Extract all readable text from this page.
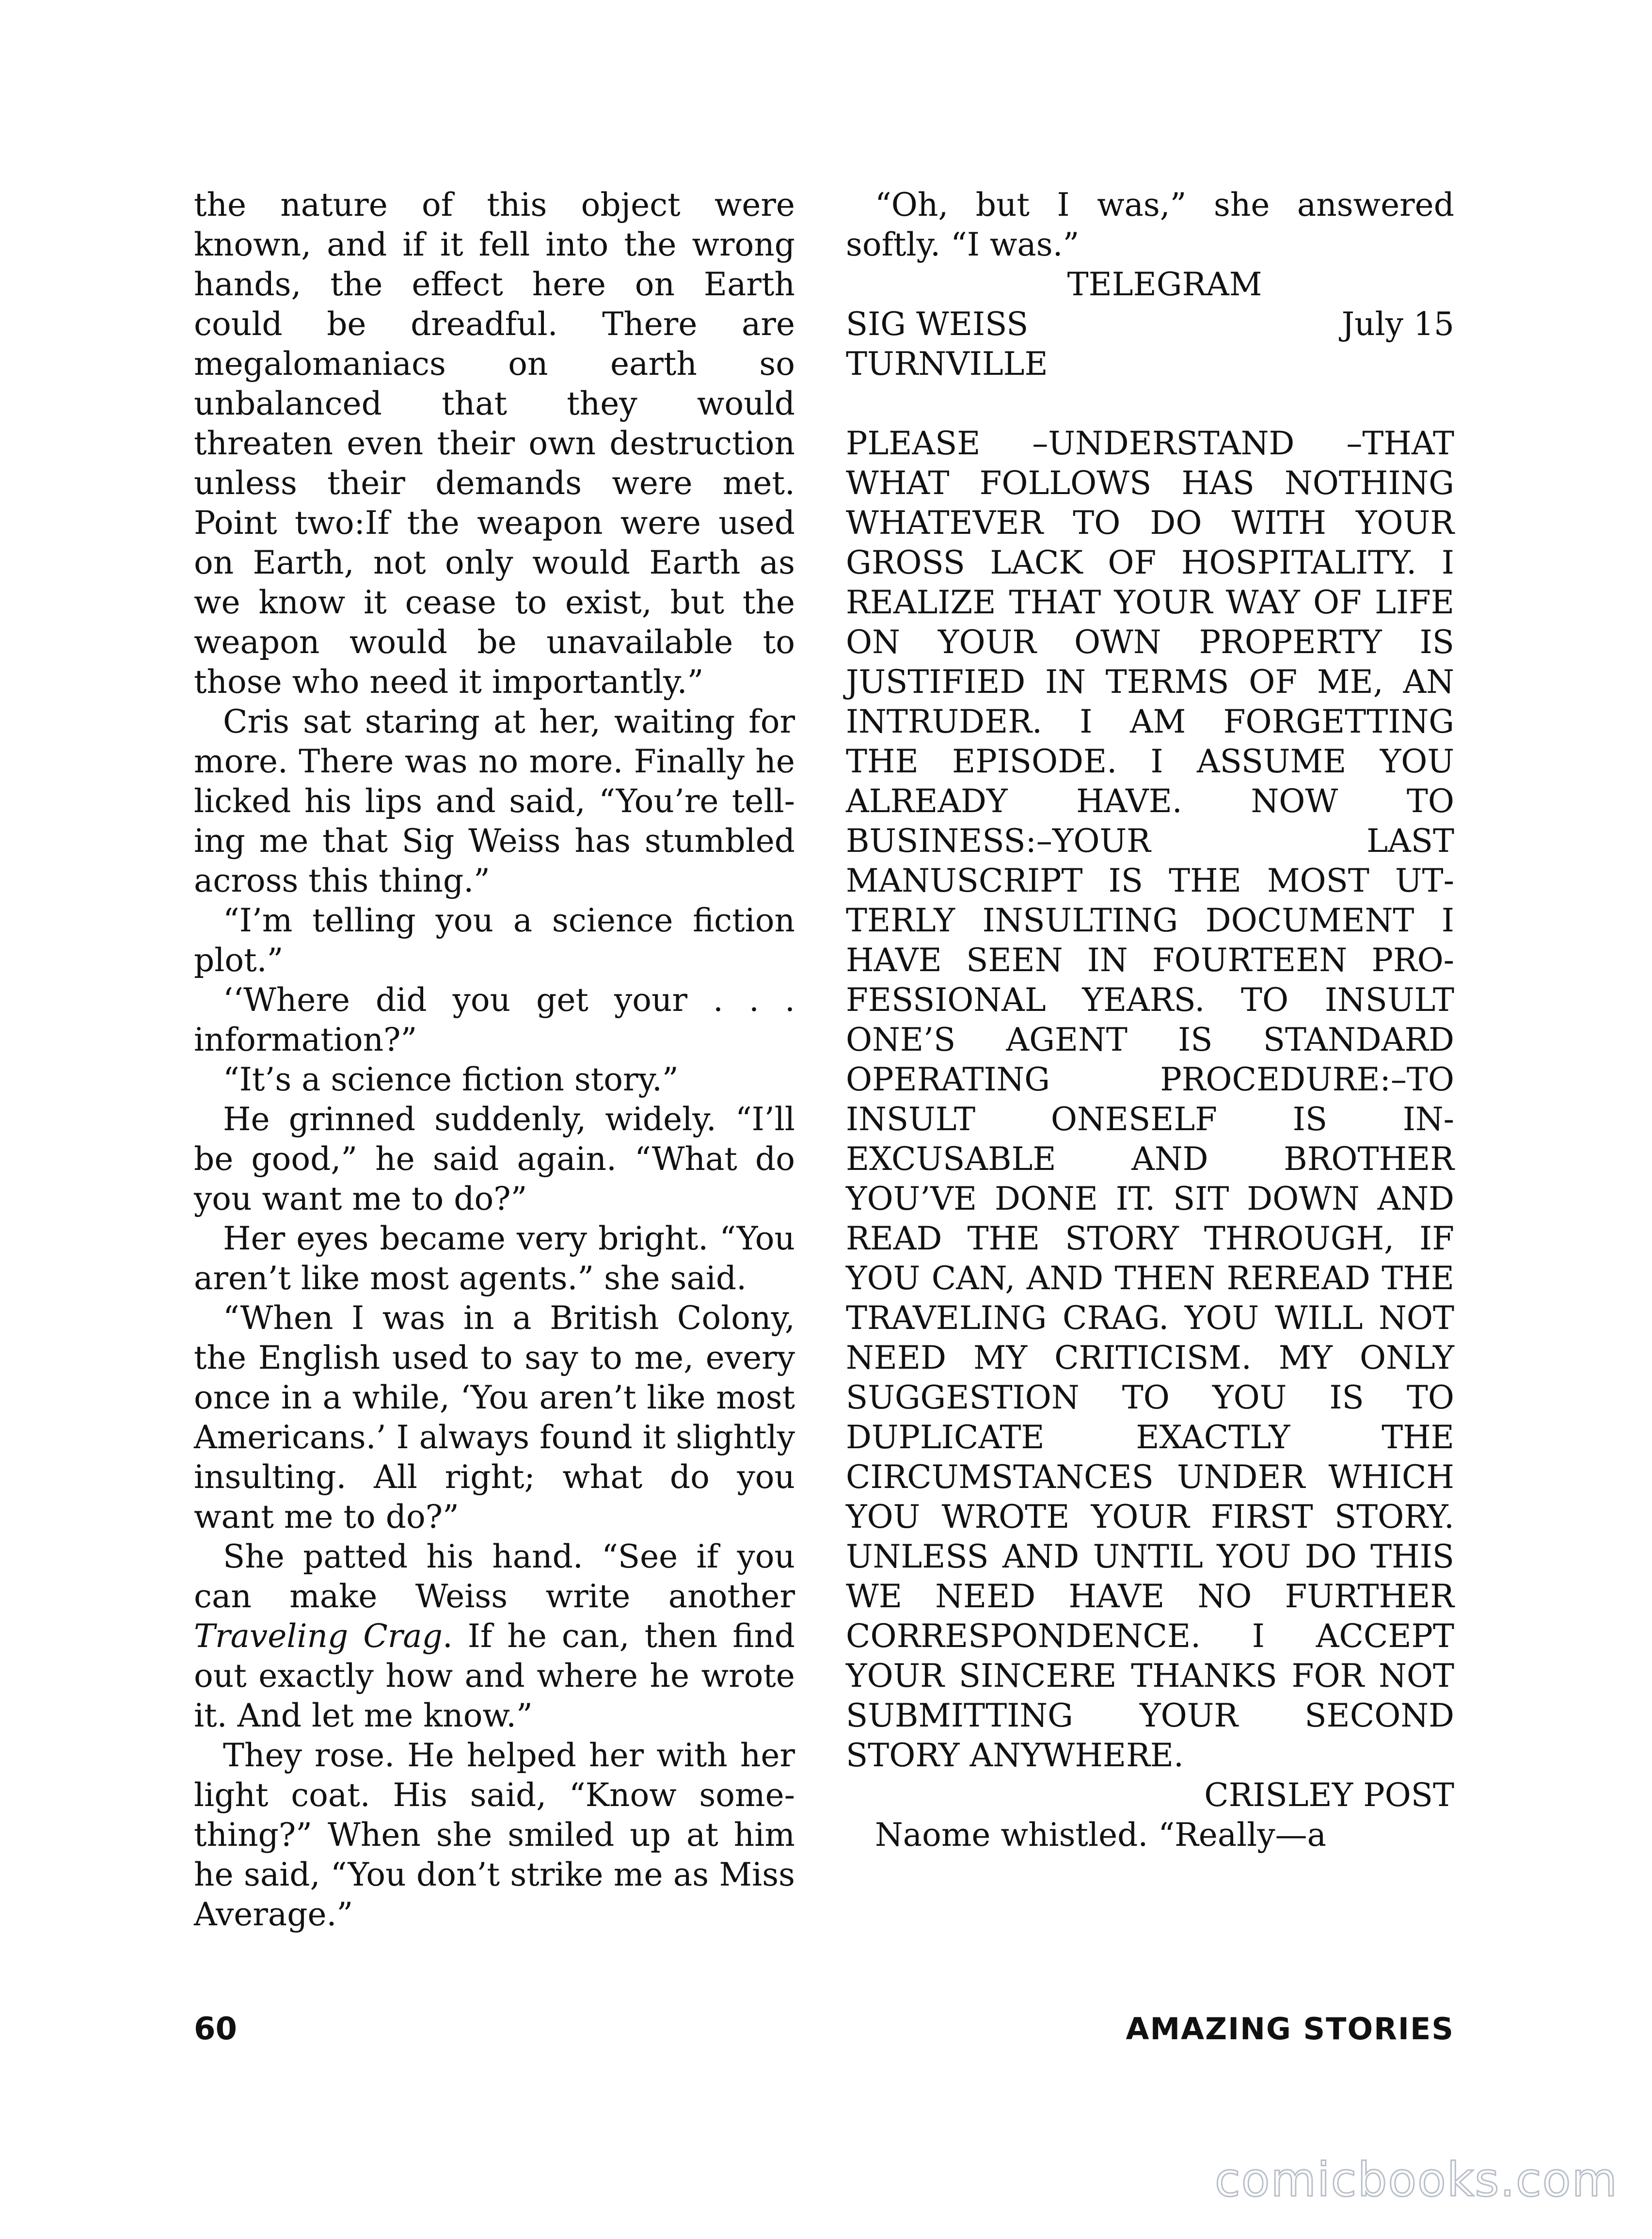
the nature of this object were known, and if it fell into the wrong hands, the effect here on Earth could be dreadful. There are megalomaniacs on earth so unbalanced that they would threaten even their own destruction unless their demands were met. Point two:If the weapon were used on Earth, not only would Earth as we know it cease to exist, but the weapon would be unavailable to those who need it importantly.”

Cris sat staring at her, waiting for more. There was no more. Finally he licked his lips and said, “You’re telling me that Sig Weiss has stumbled across this thing.”

“I’m telling you a science fiction plot.”

‘‘Where did you get your . . . information?”

“It’s a science fiction story.”

He grinned suddenly, widely. “I’ll be good,” he said again. “What do you want me to do?”

Her eyes became very bright. “You aren’t like most agents.” she said.

“When I was in a British Colony, the English used to say to me, every once in a while, ‘You aren’t like most Americans.’ I always found it slightly insulting. All right; what do you want me to do?”

She patted his hand. “See if you can make Weiss write another Traveling Crag. If he can, then find out exactly how and where he wrote it. And let me know.”

They rose. He helped her with her light coat. His said, “Know something?” When she smiled up at him he said, “You don’t strike me as Miss Average.”

“Oh, but I was,” she answered softly. “I was.”

TELEGRAM

SIG WEISS
TURNVILLE
July 15

PLEASE –UNDERSTAND –THAT WHAT FOLLOWS HAS NOTHING WHATEVER TO DO WITH YOUR GROSS LACK OF HOSPITALITY. I REALIZE THAT YOUR WAY OF LIFE ON YOUR OWN PROPERTY IS JUSTIFIED IN TERMS OF ME, AN INTRUDER. I AM FORGETTING THE EPISODE. I ASSUME YOU ALREADY HAVE. NOW TO BUSINESS:–YOUR LAST MANUSCRIPT IS THE MOST UTTERLY INSULTING DOCUMENT I HAVE SEEN IN FOURTEEN PROFESSIONAL YEARS. TO INSULT ONE’S AGENT IS STANDARD OPERATING PROCEDURE:–TO INSULT ONESELF IS INEXCUSABLE AND BROTHER YOU’VE DONE IT. SIT DOWN AND READ THE STORY THROUGH, IF YOU CAN, AND THEN REREAD THE TRAVELING CRAG. YOU WILL NOT NEED MY CRITICISM. MY ONLY SUGGESTION TO YOU IS TO DUPLICATE EXACTLY THE CIRCUMSTANCES UNDER WHICH YOU WROTE YOUR FIRST STORY. UNLESS AND UNTIL YOU DO THIS WE NEED HAVE NO FURTHER CORRESPONDENCE. I ACCEPT YOUR SINCERE THANKS FOR NOT SUBMITTING YOUR SECOND STORY ANYWHERE.

CRISLEY POST

Naome whistled. “Really—a

60	AMAZING STORIES
comicbooks.com
